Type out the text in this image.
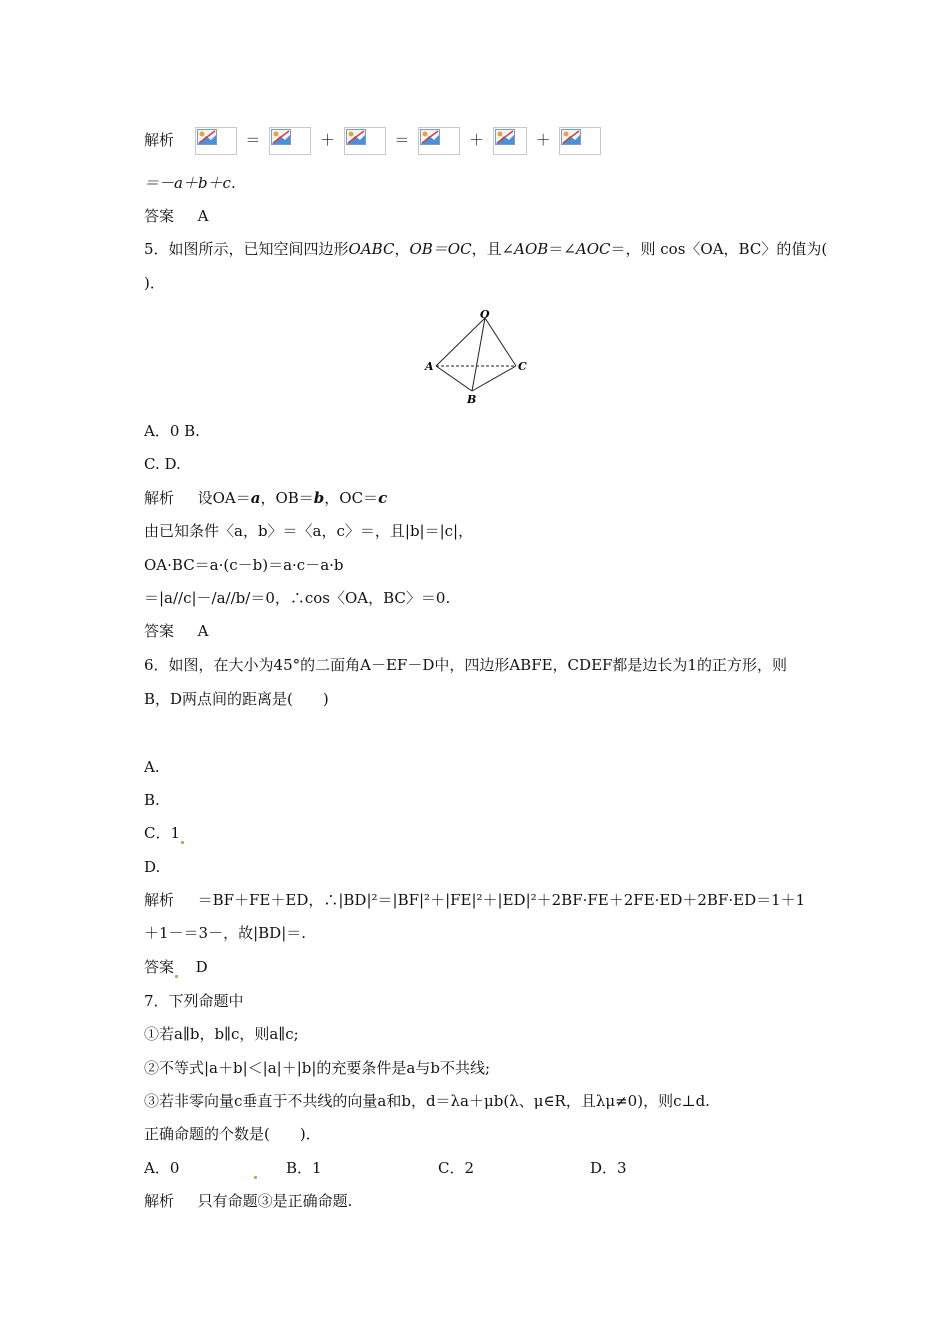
解析	＝	＋	＝	＋	＋
＝－a＋b＋c.
答案 A
5．如图所示，已知空间四边形OABC，OB＝OC，且∠AOB＝∠AOC＝，则 cos〈OA，BC〉的值为(
)．
O
A	C
B
A．0 B.
C. D.
解析 设OA＝a，OB＝b，OC＝c
由已知条件〈a，b〉＝〈a，c〉＝，且|b|＝|c|，
OA·BC＝a·(c－b)＝a·c－a·b
＝|a//c|－/a//b/＝0，∴cos〈OA，BC〉＝0.
答案 A
6．如图，在大小为45°的二面角A－EF－D中，四边形ABFE，CDEF都是边长为1的正方形，则
B，D两点间的距离是(　　)
A.
B.
C．1
D.
解析 ＝BF＋FE＋ED，∴|BD|²＝|BF|²＋|FE|²＋|ED|²＋2BF·FE＋2FE·ED＋2BF·ED＝1＋1
＋1－＝3－，故|BD|＝.
答案 D
7．下列命题中
①若a∥b，b∥c，则a∥c;
②不等式|a＋b|＜|a|＋|b|的充要条件是a与b不共线;
③若非零向量c垂直于不共线的向量a和b，d＝λa＋μb(λ、μ∈R，且λμ≠0)，则c⊥d.
正确命题的个数是(　　)．
A．0	B．1	C．2	D．3
解析 只有命题③是正确命题.
